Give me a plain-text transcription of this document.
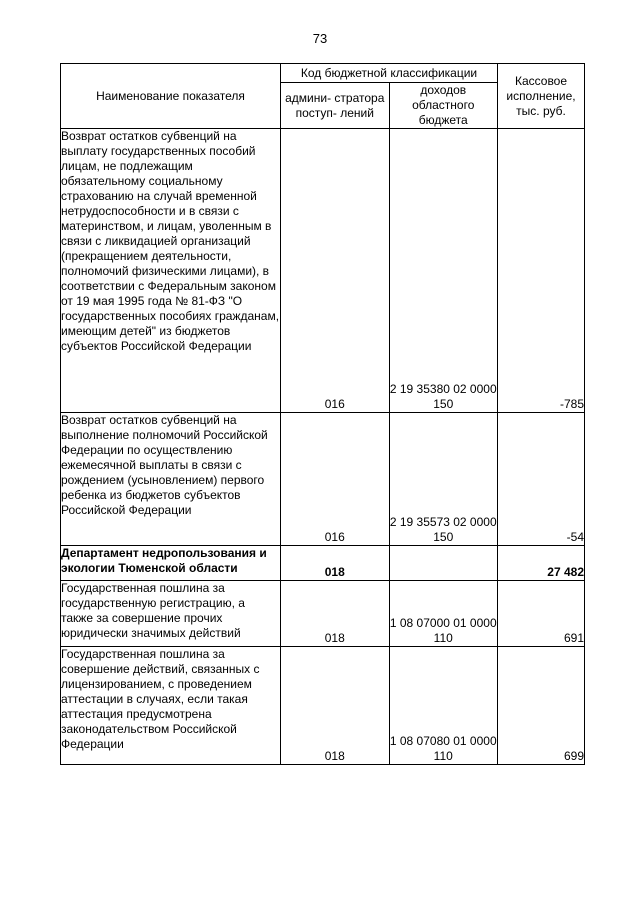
73
Наименование показателя	Код бюджетной классификации		Кассовое исполнение, тыс. руб.
	админи- стратора поступ- лений	доходов областного бюджета	
Возврат остатков субвенций на выплату государственных пособий лицам, не подлежащим обязательному социальному страхованию на случай временной нетрудоспособности и в связи с материнством, и лицам, уволенным в связи с ликвидацией организаций (прекращением деятельности, полномочий физическими лицами), в соответствии с Федеральным законом от 19 мая 1995 года № 81-ФЗ "О государственных пособиях гражданам, имеющим детей" из бюджетов субъектов Российской Федерации	016	2 19 35380 02 0000 150	-785
Возврат остатков субвенций на выполнение полномочий Российской Федерации по осуществлению ежемесячной выплаты в связи с рождением (усыновлением) первого ребенка из бюджетов субъектов Российской Федерации	016	2 19 35573 02 0000 150	-54
Департамент недропользования и экологии Тюменской области	018		27 482
Государственная пошлина за государственную регистрацию, а также за совершение прочих юридически значимых действий	018	1 08 07000 01 0000 110	691
Государственная пошлина за совершение действий, связанных с лицензированием, с проведением аттестации в случаях, если такая аттестация предусмотрена законодательством Российской Федерации	018	1 08 07080 01 0000 110	699
